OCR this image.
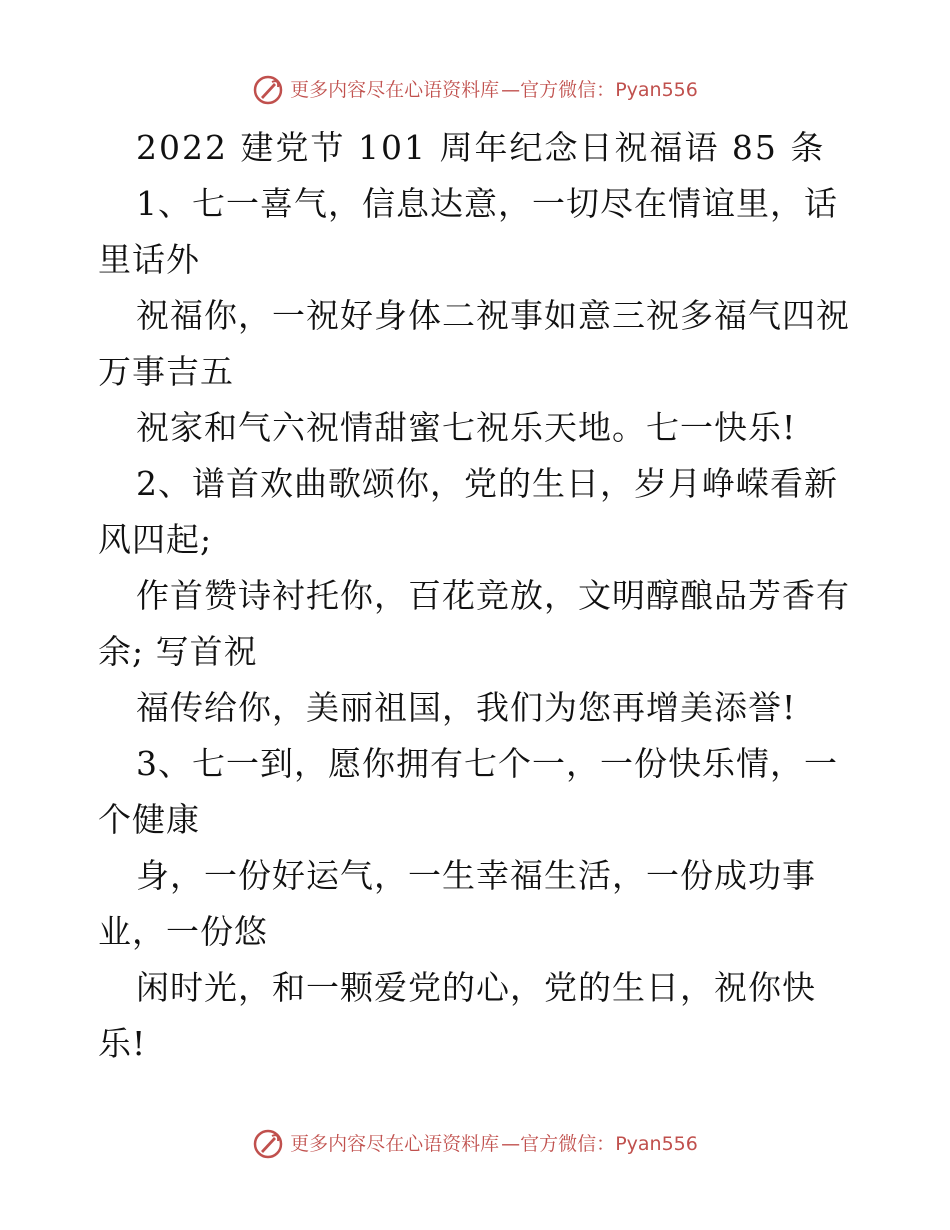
更多内容尽在心语资料库 — 官方微信： Pyan556
2022 建党节 101 周年纪念日祝福语 85 条
1、七一喜气，信息达意，一切尽在情谊里，话
里话外
祝福你，一祝好身体二祝事如意三祝多福气四祝
万事吉五
祝家和气六祝情甜蜜七祝乐天地。七一快乐!
2、谱首欢曲歌颂你，党的生日，岁月峥嵘看新
风四起;
作首赞诗衬托你，百花竞放，文明醇酿品芳香有
余; 写首祝
福传给你，美丽祖国，我们为您再增美添誉!
3、七一到，愿你拥有七个一，一份快乐情，一
个健康
身，一份好运气，一生幸福生活，一份成功事
业，一份悠
闲时光，和一颗爱党的心，党的生日，祝你快
乐!
更多内容尽在心语资料库 — 官方微信： Pyan556
